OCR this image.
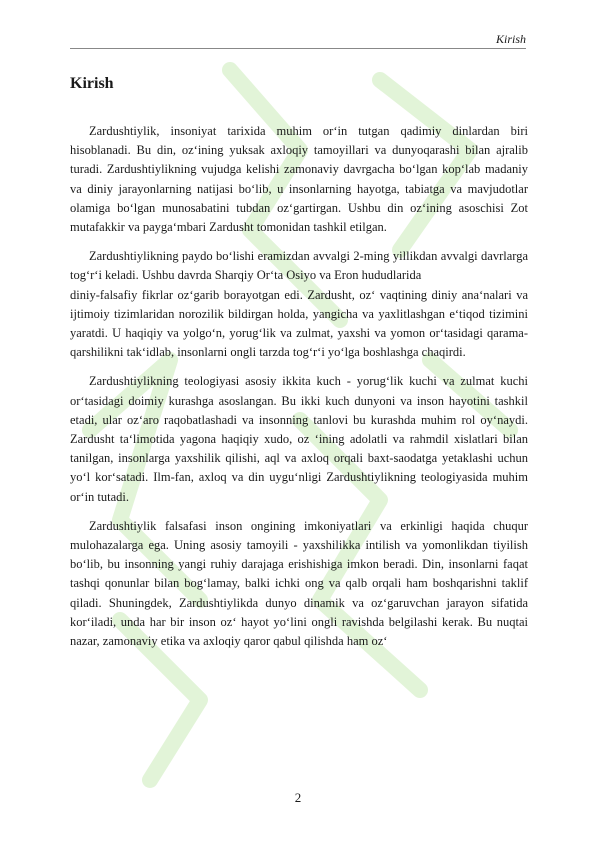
Kirish
Kirish

Zardushtiylik, insoniyat tarixida muhim orʻin tutgan qadimiy dinlardan biri hisoblanadi. Bu din, ozʻining yuksak axloqiy tamoyillari va dunyoqarashi bilan ajralib turadi. Zardushtiylikning vujudga kelishi zamonaviy davrgacha boʻlgan kopʻlab madaniy va diniy jarayonlarning natijasi boʻlib, u insonlarning hayotga, tabiatga va mavjudotlar olamiga boʻlgan munosabatini tubdan ozʻgartirgan. Ushbu din ozʻining asoschisi Zot mutafakkir va paygaʻmbari Zardusht tomonidan tashkil etilgan.

Zardushtiylikning paydo boʻlishi eramizdan avvalgi 2-ming yillikdan avvalgi davrlarga togʻrʻi keladi. Ushbu davrda Sharqiy Orʻta Osiyo va Eron hududlarida

diniy-falsafiy fikrlar ozʻgarib borayotgan edi. Zardusht, ozʻ vaqtining diniy anaʻnalari va ijtimoiy tizimlaridan norozilik bildirgan holda, yangicha va yaxlitlashgan eʻtiqod tizimini yaratdi. U haqiqiy va yolgoʻn, yorugʻlik va zulmat, yaxshi va yomon orʻtasidagi qarama-qarshilikni takʻidlab, insonlarni ongli tarzda togʻrʻi yoʻlga boshlashga chaqirdi.

Zardushtiylikning teologiyasi asosiy ikkita kuch - yorugʻlik kuchi va zulmat kuchi orʻtasidagi doimiy kurashga asoslangan. Bu ikki kuch dunyoni va inson hayotini tashkil etadi, ular ozʻaro raqobatlashadi va insonning tanlovi bu kurashda muhim rol oyʻnaydi. Zardusht taʻlimotida yagona haqiqiy xudo, oz ʻining adolatli va rahmdil xislatlari bilan tanilgan, insonlarga yaxshilik qilishi, aql va axloq orqali baxt-saodatga yetaklashi uchun yoʻl korʻsatadi. Ilm-fan, axloq va din uyguʻnligi Zardushtiylikning teologiyasida muhim orʻin tutadi.

Zardushtiylik falsafasi inson ongining imkoniyatlari va erkinligi haqida chuqur mulohazalarga ega. Uning asosiy tamoyili - yaxshilikka intilish va yomonlikdan tiyilish boʻlib, bu insonning yangi ruhiy darajaga erishishiga imkon beradi. Din, insonlarni faqat tashqi qonunlar bilan bogʻlamay, balki ichki ong va qalb orqali ham boshqarishni taklif qiladi. Shuningdek, Zardushtiylikda dunyo dinamik va ozʻgaruvchan jarayon sifatida korʻiladi, unda har bir inson ozʻ hayot yoʻlini ongli ravishda belgilashi kerak. Bu nuqtai nazar, zamonaviy etika va axloqiy qaror qabul qilishda ham ozʻ

2
